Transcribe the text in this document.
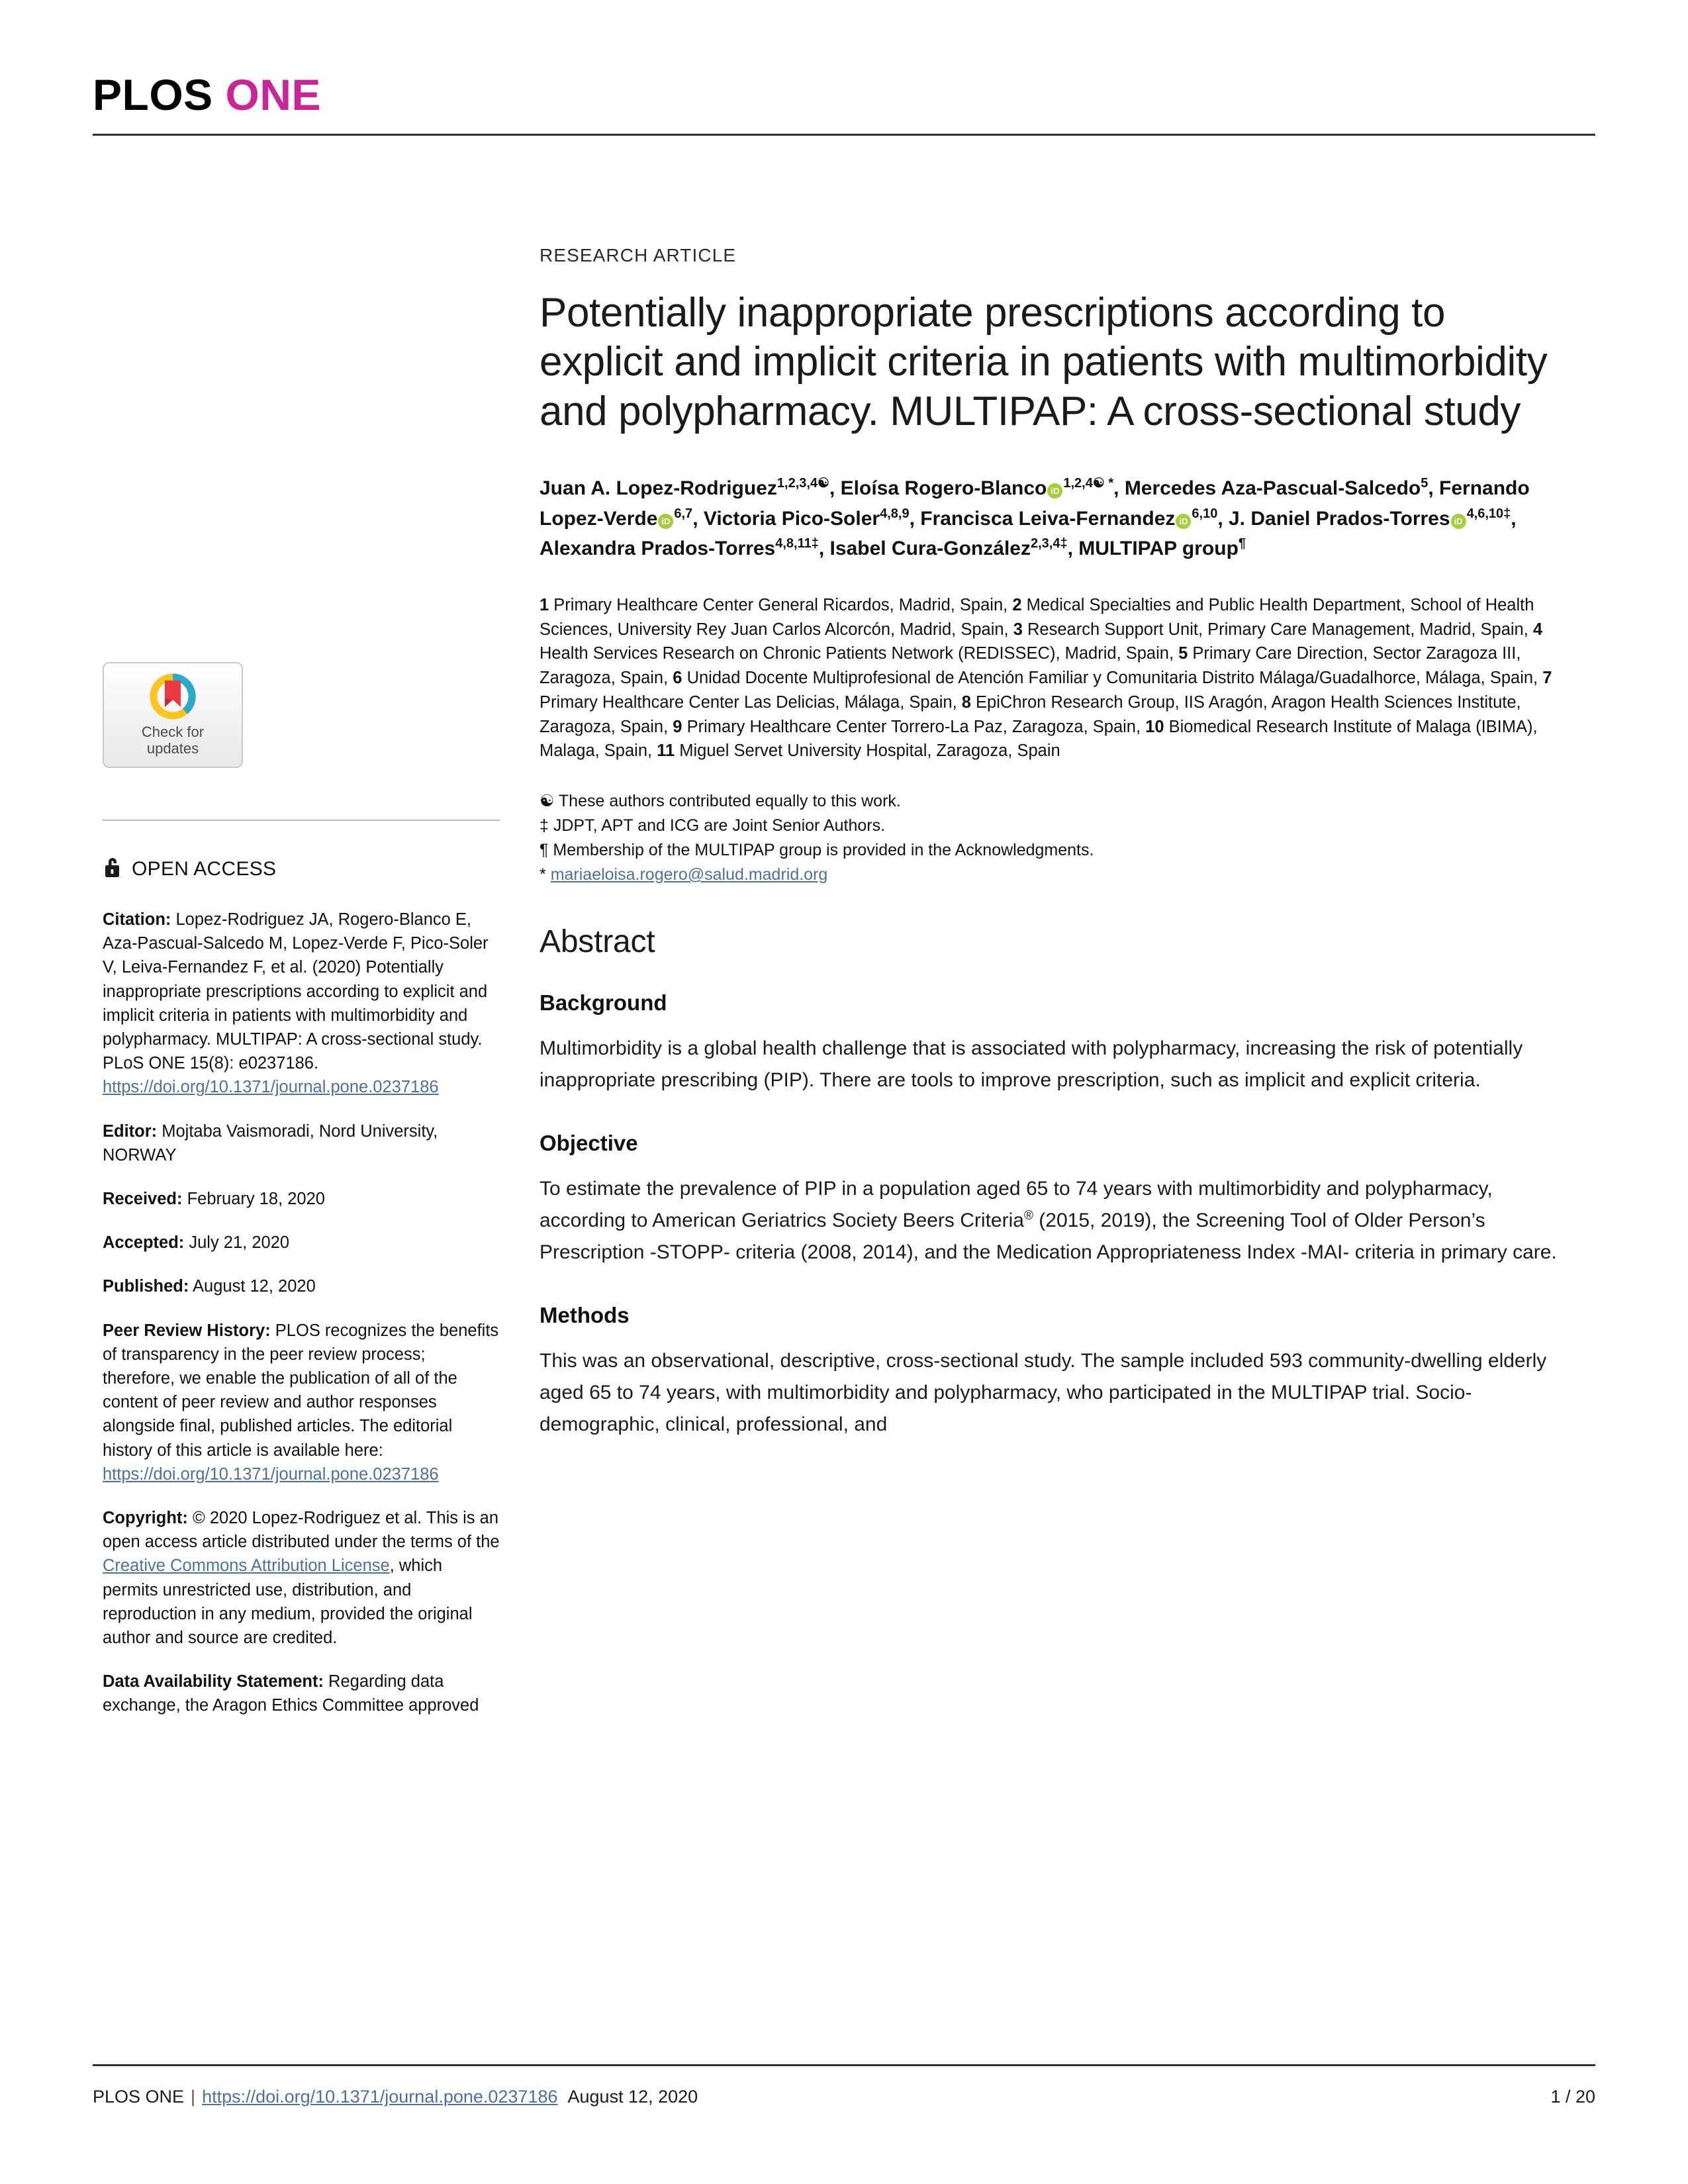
PLOS ONE
Check for
updates
OPEN ACCESS

Citation: Lopez-Rodriguez JA, Rogero-Blanco E, Aza-Pascual-Salcedo M, Lopez-Verde F, Pico-Soler V, Leiva-Fernandez F, et al. (2020) Potentially inappropriate prescriptions according to explicit and implicit criteria in patients with multimorbidity and polypharmacy. MULTIPAP: A cross-sectional study. PLoS ONE 15(8): e0237186. https://doi.org/10.1371/journal.pone.0237186

Editor: Mojtaba Vaismoradi, Nord University, NORWAY

Received: February 18, 2020

Accepted: July 21, 2020

Published: August 12, 2020

Peer Review History: PLOS recognizes the benefits of transparency in the peer review process; therefore, we enable the publication of all of the content of peer review and author responses alongside final, published articles. The editorial history of this article is available here: https://doi.org/10.1371/journal.pone.0237186

Copyright: © 2020 Lopez-Rodriguez et al. This is an open access article distributed under the terms of the Creative Commons Attribution License, which permits unrestricted use, distribution, and reproduction in any medium, provided the original author and source are credited.

Data Availability Statement: Regarding data exchange, the Aragon Ethics Committee approved

RESEARCH ARTICLE
Potentially inappropriate prescriptions according to explicit and implicit criteria in patients with multimorbidity and polypharmacy. MULTIPAP: A cross-sectional study
Juan A. Lopez-Rodriguez$^{1,2,3,4☯}$, Eloísa Rogero-Blanco $iD^{1,2,4☯ *}$, Mercedes Aza-Pascual-Salcedo$^5$, Fernando Lopez-Verde iD$^{6,7}$, Victoria Pico-Soler$^{4,8,9}$, Francisca Leiva-Fernandez iD$^{6,10}$, J. Daniel Prados-Torres $iD^{4,6,10\ddagger}$, Alexandra Prados-Torres$^{4,8,11\ddagger}$, Isabel Cura-González$^{2,3,4\ddagger}$, MULTIPAP group¶
1 Primary Healthcare Center General Ricardos, Madrid, Spain, 2 Medical Specialties and Public Health Department, School of Health Sciences, University Rey Juan Carlos Alcorcón, Madrid, Spain, 3 Research Support Unit, Primary Care Management, Madrid, Spain, 4 Health Services Research on Chronic Patients Network (REDISSEC), Madrid, Spain, 5 Primary Care Direction, Sector Zaragoza III, Zaragoza, Spain, 6 Unidad Docente Multiprofesional de Atención Familiar y Comunitaria Distrito Málaga/Guadalhorce, Málaga, Spain, 7 Primary Healthcare Center Las Delicias, Málaga, Spain, 8 EpiChron Research Group, IIS Aragón, Aragon Health Sciences Institute, Zaragoza, Spain, 9 Primary Healthcare Center Torrero-La Paz, Zaragoza, Spain, 10 Biomedical Research Institute of Malaga (IBIMA), Malaga, Spain, 11 Miguel Servet University Hospital, Zaragoza, Spain
☯ These authors contributed equally to this work.
‡ JDPT, APT and ICG are Joint Senior Authors.
¶ Membership of the MULTIPAP group is provided in the Acknowledgments.
* mariaeloisa.rogero@salud.madrid.org
Abstract
Background

Multimorbidity is a global health challenge that is associated with polypharmacy, increasing the risk of potentially inappropriate prescribing (PIP). There are tools to improve prescription, such as implicit and explicit criteria.

Objective

To estimate the prevalence of PIP in a population aged 65 to 74 years with multimorbidity and polypharmacy, according to American Geriatrics Society Beers Criteria® (2015, 2019), the Screening Tool of Older Person’s Prescription -STOPP- criteria (2008, 2014), and the Medication Appropriateness Index -MAI- criteria in primary care.

Methods

This was an observational, descriptive, cross-sectional study. The sample included 593 community-dwelling elderly aged 65 to 74 years, with multimorbidity and polypharmacy, who participated in the MULTIPAP trial. Socio-demographic, clinical, professional, and

PLOS ONE | https://doi.org/10.1371/journal.pone.0237186 August 12, 2020	1 / 20
